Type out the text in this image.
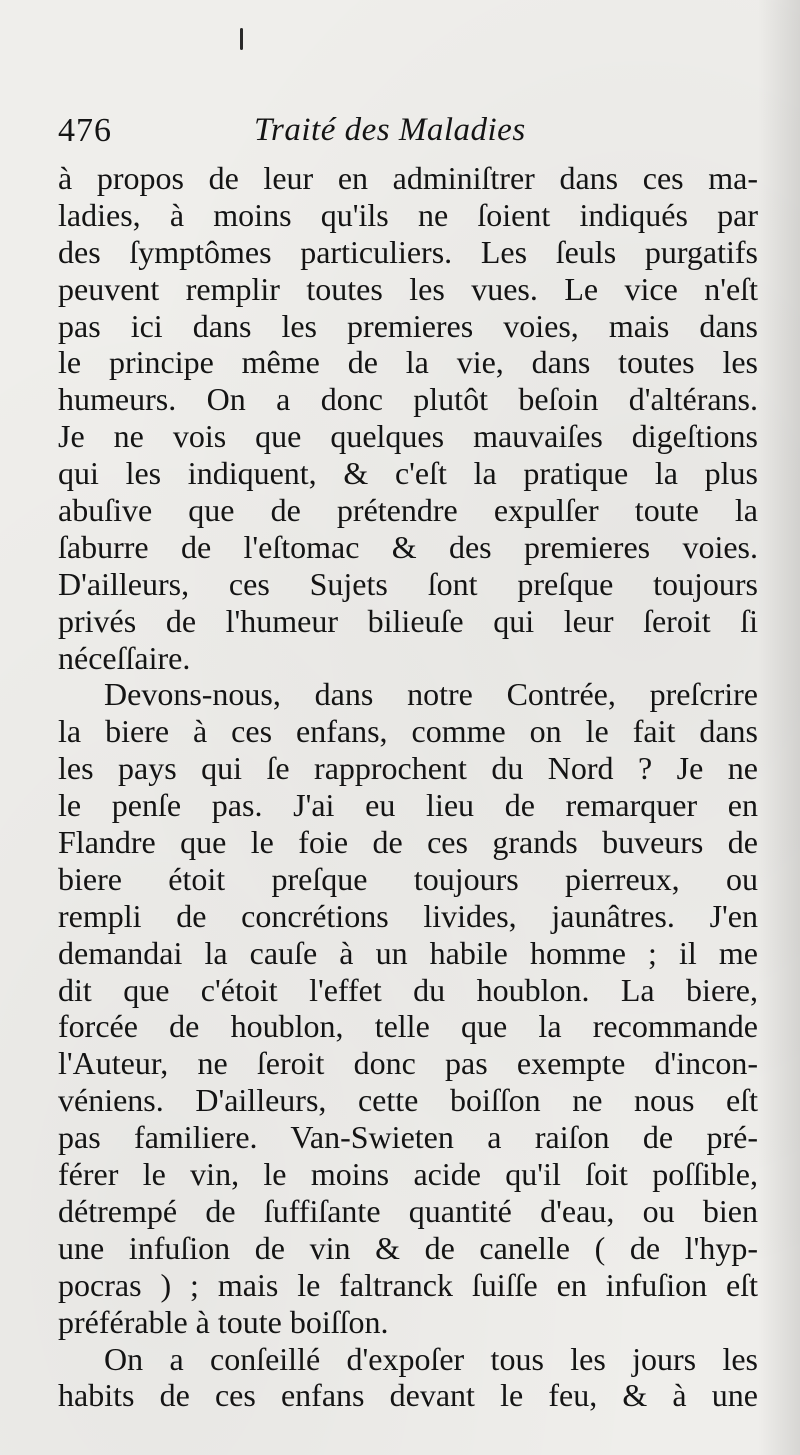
476	Traité des Maladies
à propos de leur en adminiſtrer dans ces ma-
ladies, à moins qu'ils ne ſoient indiqués par
des ſymptômes particuliers. Les ſeuls purgatifs
peuvent remplir toutes les vues. Le vice n'eſt
pas ici dans les premieres voies, mais dans
le principe même de la vie, dans toutes les
humeurs. On a donc plutôt beſoin d'altérans.
Je ne vois que quelques mauvaiſes digeſtions
qui les indiquent, & c'eſt la pratique la plus
abuſive que de prétendre expulſer toute la
ſaburre de l'eſtomac & des premieres voies.
D'ailleurs, ces Sujets ſont preſque toujours
privés de l'humeur bilieuſe qui leur ſeroit ſi
néceſſaire.
Devons-nous, dans notre Contrée, preſcrire
la biere à ces enfans, comme on le fait dans
les pays qui ſe rapprochent du Nord ? Je ne
le penſe pas. J'ai eu lieu de remarquer en
Flandre que le foie de ces grands buveurs de
biere étoit preſque toujours pierreux, ou
rempli de concrétions livides, jaunâtres. J'en
demandai la cauſe à un habile homme ; il me
dit que c'étoit l'effet du houblon. La biere,
forcée de houblon, telle que la recommande
l'Auteur, ne ſeroit donc pas exempte d'incon-
véniens. D'ailleurs, cette boiſſon ne nous eſt
pas familiere. Van-Swieten a raiſon de pré-
férer le vin, le moins acide qu'il ſoit poſſible,
détrempé de ſuffiſante quantité d'eau, ou bien
une infuſion de vin & de canelle ( de l'hyp-
pocras ) ; mais le faltranck ſuiſſe en infuſion eſt
préférable à toute boiſſon.
On a conſeillé d'expoſer tous les jours les
habits de ces enfans devant le feu, & à une
